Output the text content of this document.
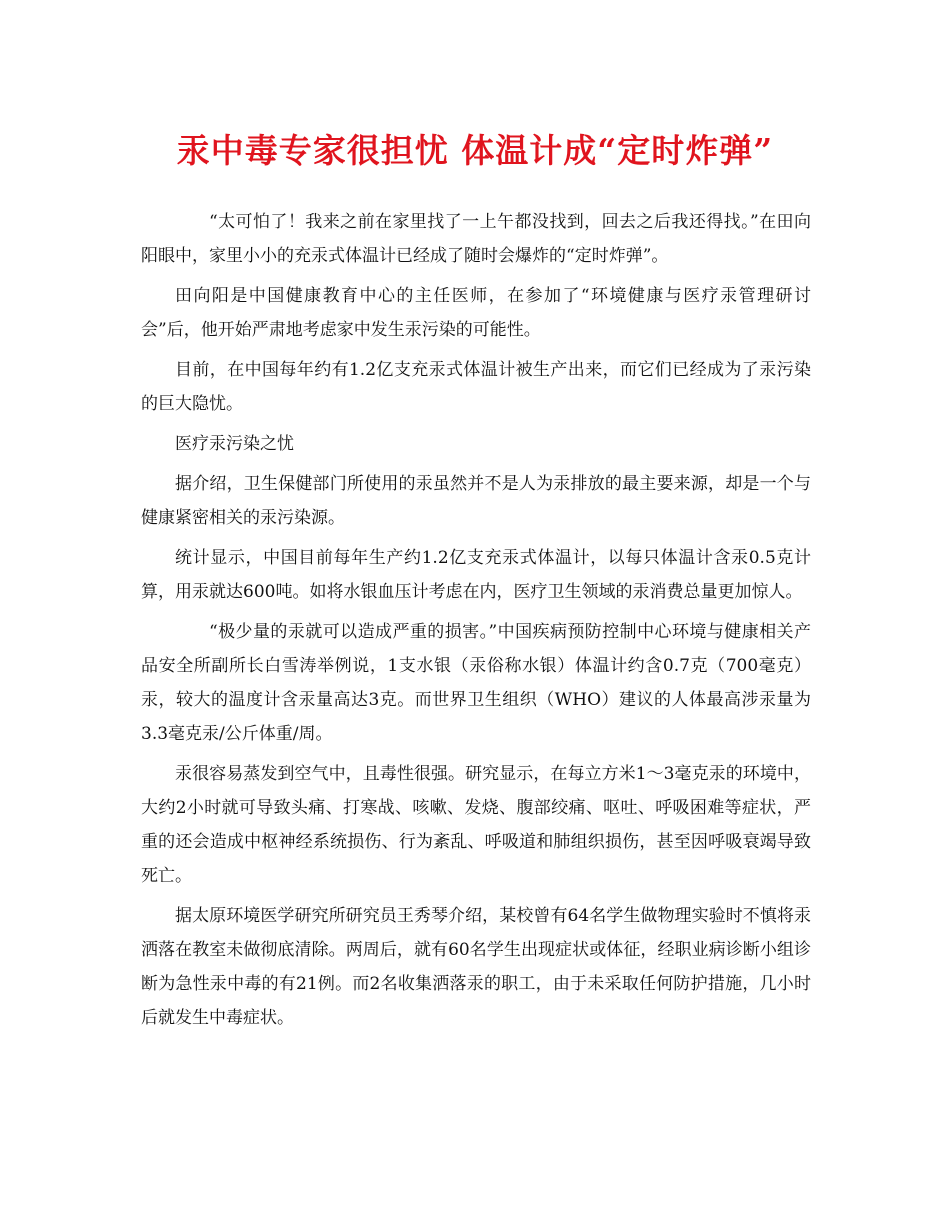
汞中毒专家很担忧 体温计成“定时炸弹”

“太可怕了！我来之前在家里找了一上午都没找到，回去之后我还得找。”在田向阳眼中，家里小小的充汞式体温计已经成了随时会爆炸的“定时炸弹”。

田向阳是中国健康教育中心的主任医师，在参加了“环境健康与医疗汞管理研讨会”后，他开始严肃地考虑家中发生汞污染的可能性。

目前，在中国每年约有1.2亿支充汞式体温计被生产出来，而它们已经成为了汞污染的巨大隐忧。

医疗汞污染之忧

据介绍，卫生保健部门所使用的汞虽然并不是人为汞排放的最主要来源，却是一个与健康紧密相关的汞污染源。

统计显示，中国目前每年生产约1.2亿支充汞式体温计，以每只体温计含汞0.5克计算，用汞就达600吨。如将水银血压计考虑在内，医疗卫生领域的汞消费总量更加惊人。

“极少量的汞就可以造成严重的损害。”中国疾病预防控制中心环境与健康相关产品安全所副所长白雪涛举例说，1支水银（汞俗称水银）体温计约含0.7克（700毫克）汞，较大的温度计含汞量高达3克。而世界卫生组织（WHO）建议的人体最高涉汞量为3.3毫克汞/公斤体重/周。

汞很容易蒸发到空气中，且毒性很强。研究显示，在每立方米1～3毫克汞的环境中，大约2小时就可导致头痛、打寒战、咳嗽、发烧、腹部绞痛、呕吐、呼吸困难等症状，严重的还会造成中枢神经系统损伤、行为紊乱、呼吸道和肺组织损伤，甚至因呼吸衰竭导致死亡。

据太原环境医学研究所研究员王秀琴介绍，某校曾有64名学生做物理实验时不慎将汞洒落在教室未做彻底清除。两周后，就有60名学生出现症状或体征，经职业病诊断小组诊断为急性汞中毒的有21例。而2名收集洒落汞的职工，由于未采取任何防护措施，几小时后就发生中毒症状。
